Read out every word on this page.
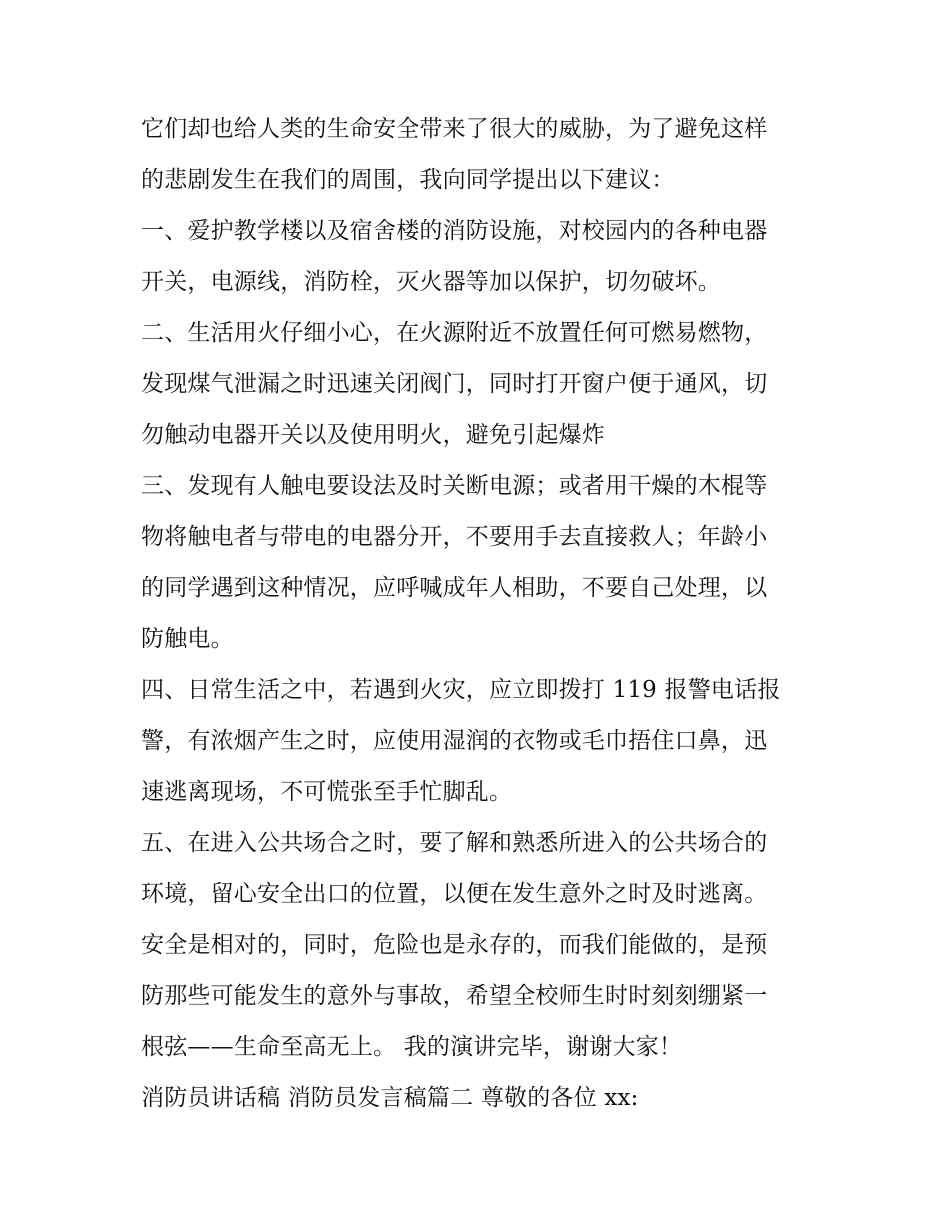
它们却也给人类的生命安全带来了很大的威胁，为了避免这样
的悲剧发生在我们的周围，我向同学提出以下建议：
一、爱护教学楼以及宿舍楼的消防设施，对校园内的各种电器
开关，电源线，消防栓，灭火器等加以保护，切勿破坏。
二、生活用火仔细小心，在火源附近不放置任何可燃易燃物，
发现煤气泄漏之时迅速关闭阀门，同时打开窗户便于通风，切
勿触动电器开关以及使用明火，避免引起爆炸
三、发现有人触电要设法及时关断电源；或者用干燥的木棍等
物将触电者与带电的电器分开，不要用手去直接救人；年龄小
的同学遇到这种情况，应呼喊成年人相助，不要自己处理，以
防触电。
四、日常生活之中，若遇到火灾，应立即拨打 119 报警电话报
警，有浓烟产生之时，应使用湿润的衣物或毛巾捂住口鼻，迅
速逃离现场，不可慌张至手忙脚乱。
五、在进入公共场合之时，要了解和熟悉所进入的公共场合的
环境，留心安全出口的位置，以便在发生意外之时及时逃离。
安全是相对的，同时，危险也是永存的，而我们能做的，是预
防那些可能发生的意外与事故，希望全校师生时时刻刻绷紧一
根弦——生命至高无上。 我的演讲完毕，谢谢大家！
消防员讲话稿 消防员发言稿篇二 尊敬的各位 xx:
